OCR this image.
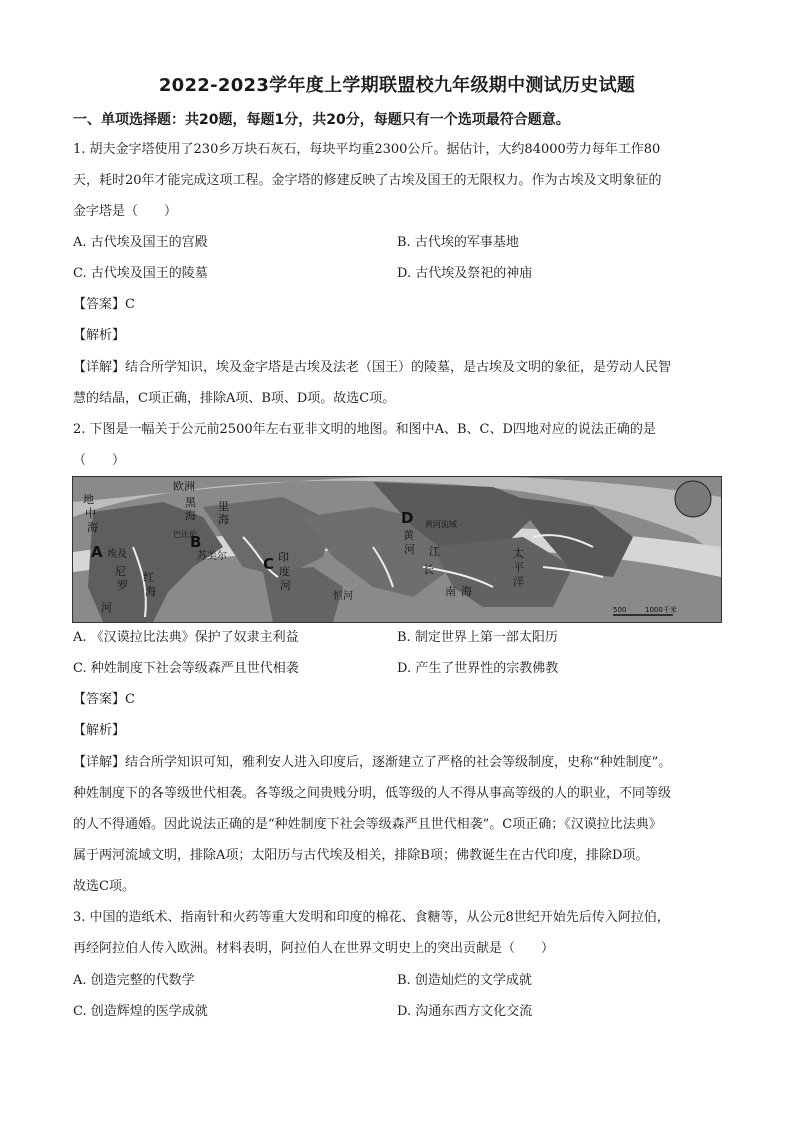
2022-2023学年度上学期联盟校九年级期中测试历史试题
一、单项选择题：共20题，每题1分，共20分，每题只有一个选项最符合题意。
1. 胡夫金字塔使用了230乡万块石灰石，每块平均重2300公斤。据估计，大约84000劳力每年工作80
天，耗时20年才能完成这项工程。金字塔的修建反映了古埃及国王的无限权力。作为古埃及文明象征的
金字塔是（　　）
A. 古代埃及国王的宫殿	B. 古代埃的军事基地
C. 古代埃及国王的陵墓	D. 古代埃及祭祀的神庙
【答案】C
【解析】
【详解】结合所学知识，埃及金字塔是古埃及法老（国王）的陵墓，是古埃及文明的象征，是劳动人民智
慧的结晶，C项正确，排除A项、B项、D项。故选C项。
2. 下图是一幅关于公元前2500年左右亚非文明的地图。和图中A、B、C、D四地对应的说法正确的是
（　　）
地
中
海
欧洲
黑
海
里
海
A 埃及
B
苏美尔
巴比伦
尼
罗
河
红
海
C 印
度
河
恒河
D 黄河流域
黄
河
长
江	太
平
洋
南 海
500	1000千米
A. 《汉谟拉比法典》保护了奴隶主利益	B. 制定世界上第一部太阳历
C. 种姓制度下社会等级森严且世代相袭	D. 产生了世界性的宗教佛教
【答案】C
【解析】
【详解】结合所学知识可知，雅利安人进入印度后，逐渐建立了严格的社会等级制度，史称“种姓制度”。
种姓制度下的各等级世代相袭。各等级之间贵贱分明，低等级的人不得从事高等级的人的职业，不同等级
的人不得通婚。因此说法正确的是“种姓制度下社会等级森严且世代相袭”。C项正确；《汉谟拉比法典》
属于两河流域文明，排除A项；太阳历与古代埃及相关，排除B项；佛教诞生在古代印度，排除D项。
故选C项。
3. 中国的造纸术、指南针和火药等重大发明和印度的棉花、食糖等，从公元8世纪开始先后传入阿拉伯，
再经阿拉伯人传入欧洲。材料表明，阿拉伯人在世界文明史上的突出贡献是（　　）
A. 创造完整的代数学	B. 创造灿烂的文学成就
C. 创造辉煌的医学成就	D. 沟通东西方文化交流
